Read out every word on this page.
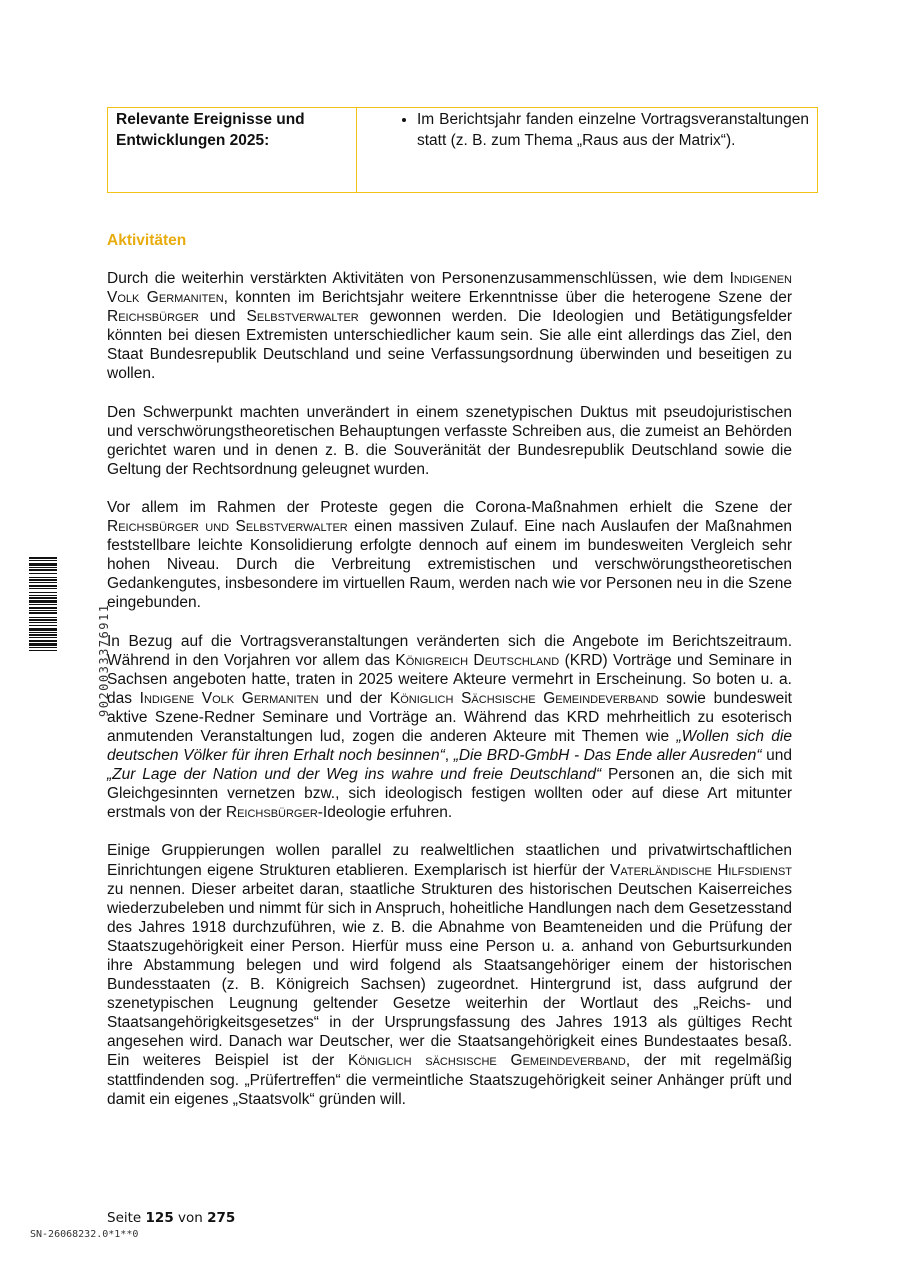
Relevante Ereignisse und Entwicklungen 2025:	
• Im Berichtsjahr fanden einzelne Vortragsveranstaltungen statt (z. B. zum Thema „Raus aus der Matrix“).
Aktivitäten

Durch die weiterhin verstärkten Aktivitäten von Personenzusammenschlüssen, wie dem Indigenen Volk Germaniten, konnten im Berichtsjahr weitere Erkenntnisse über die heterogene Szene der Reichsbürger und Selbstverwalter gewonnen werden. Die Ideologien und Betätigungsfelder könnten bei diesen Extremisten unterschiedlicher kaum sein. Sie alle eint allerdings das Ziel, den Staat Bundesrepublik Deutschland und seine Verfassungsordnung überwinden und beseitigen zu wollen.

Den Schwerpunkt machten unverändert in einem szenetypischen Duktus mit pseudojuristischen und verschwörungstheoretischen Behauptungen verfasste Schreiben aus, die zumeist an Behörden gerichtet waren und in denen z. B. die Souveränität der Bundesrepublik Deutschland sowie die Geltung der Rechtsordnung geleugnet wurden.

Vor allem im Rahmen der Proteste gegen die Corona-Maßnahmen erhielt die Szene der Reichsbürger und Selbstverwalter einen massiven Zulauf. Eine nach Auslaufen der Maßnahmen feststellbare leichte Konsolidierung erfolgte dennoch auf einem im bundesweiten Vergleich sehr hohen Niveau. Durch die Verbreitung extremistischen und verschwörungstheoretischen Gedankengutes, insbesondere im virtuellen Raum, werden nach wie vor Personen neu in die Szene eingebunden.

In Bezug auf die Vortragsveranstaltungen veränderten sich die Angebote im Berichtszeitraum. Während in den Vorjahren vor allem das Königreich Deutschland (KRD) Vorträge und Seminare in Sachsen angeboten hatte, traten in 2025 weitere Akteure vermehrt in Erscheinung. So boten u. a. das Indigene Volk Germaniten und der Königlich Sächsische Gemeindeverband sowie bundesweit aktive Szene-Redner Seminare und Vorträge an. Während das KRD mehrheitlich zu esoterisch anmutenden Veranstaltungen lud, zogen die anderen Akteure mit Themen wie „Wollen sich die deutschen Völker für ihren Erhalt noch besinnen“, „Die BRD-GmbH - Das Ende aller Ausreden“ und „Zur Lage der Nation und der Weg ins wahre und freie Deutschland“ Personen an, die sich mit Gleichgesinnten vernetzen bzw., sich ideologisch festigen wollten oder auf diese Art mitunter erstmals von der Reichsbürger-Ideologie erfuhren.

Einige Gruppierungen wollen parallel zu realweltlichen staatlichen und privatwirtschaftlichen Einrichtungen eigene Strukturen etablieren. Exemplarisch ist hierfür der Vaterländische Hilfsdienst zu nennen. Dieser arbeitet daran, staatliche Strukturen des historischen Deutschen Kaiserreiches wiederzubeleben und nimmt für sich in Anspruch, hoheitliche Handlungen nach dem Gesetzesstand des Jahres 1918 durchzuführen, wie z. B. die Abnahme von Beamteneiden und die Prüfung der Staatszugehörigkeit einer Person. Hierfür muss eine Person u. a. anhand von Geburtsurkunden ihre Abstammung belegen und wird folgend als Staatsangehöriger einem der historischen Bundesstaaten (z. B. Königreich Sachsen) zugeordnet. Hintergrund ist, dass aufgrund der szenetypischen Leugnung geltender Gesetze weiterhin der Wortlaut des „Reichs- und Staatsangehörigkeitsgesetzes“ in der Ursprungsfassung des Jahres 1913 als gültiges Recht angesehen wird. Danach war Deutscher, wer die Staatsangehörigkeit eines Bundestaates besaß. Ein weiteres Beispiel ist der Königlich sächsische Gemeindeverband, der mit regelmäßig stattfindenden sog. „Prüfertreffen“ die vermeintliche Staatszugehörigkeit seiner Anhänger prüft und damit ein eigenes „Staatsvolk“ gründen will.

9020033376911
Seite 125 von 275
SN-26068232.0*1**0
